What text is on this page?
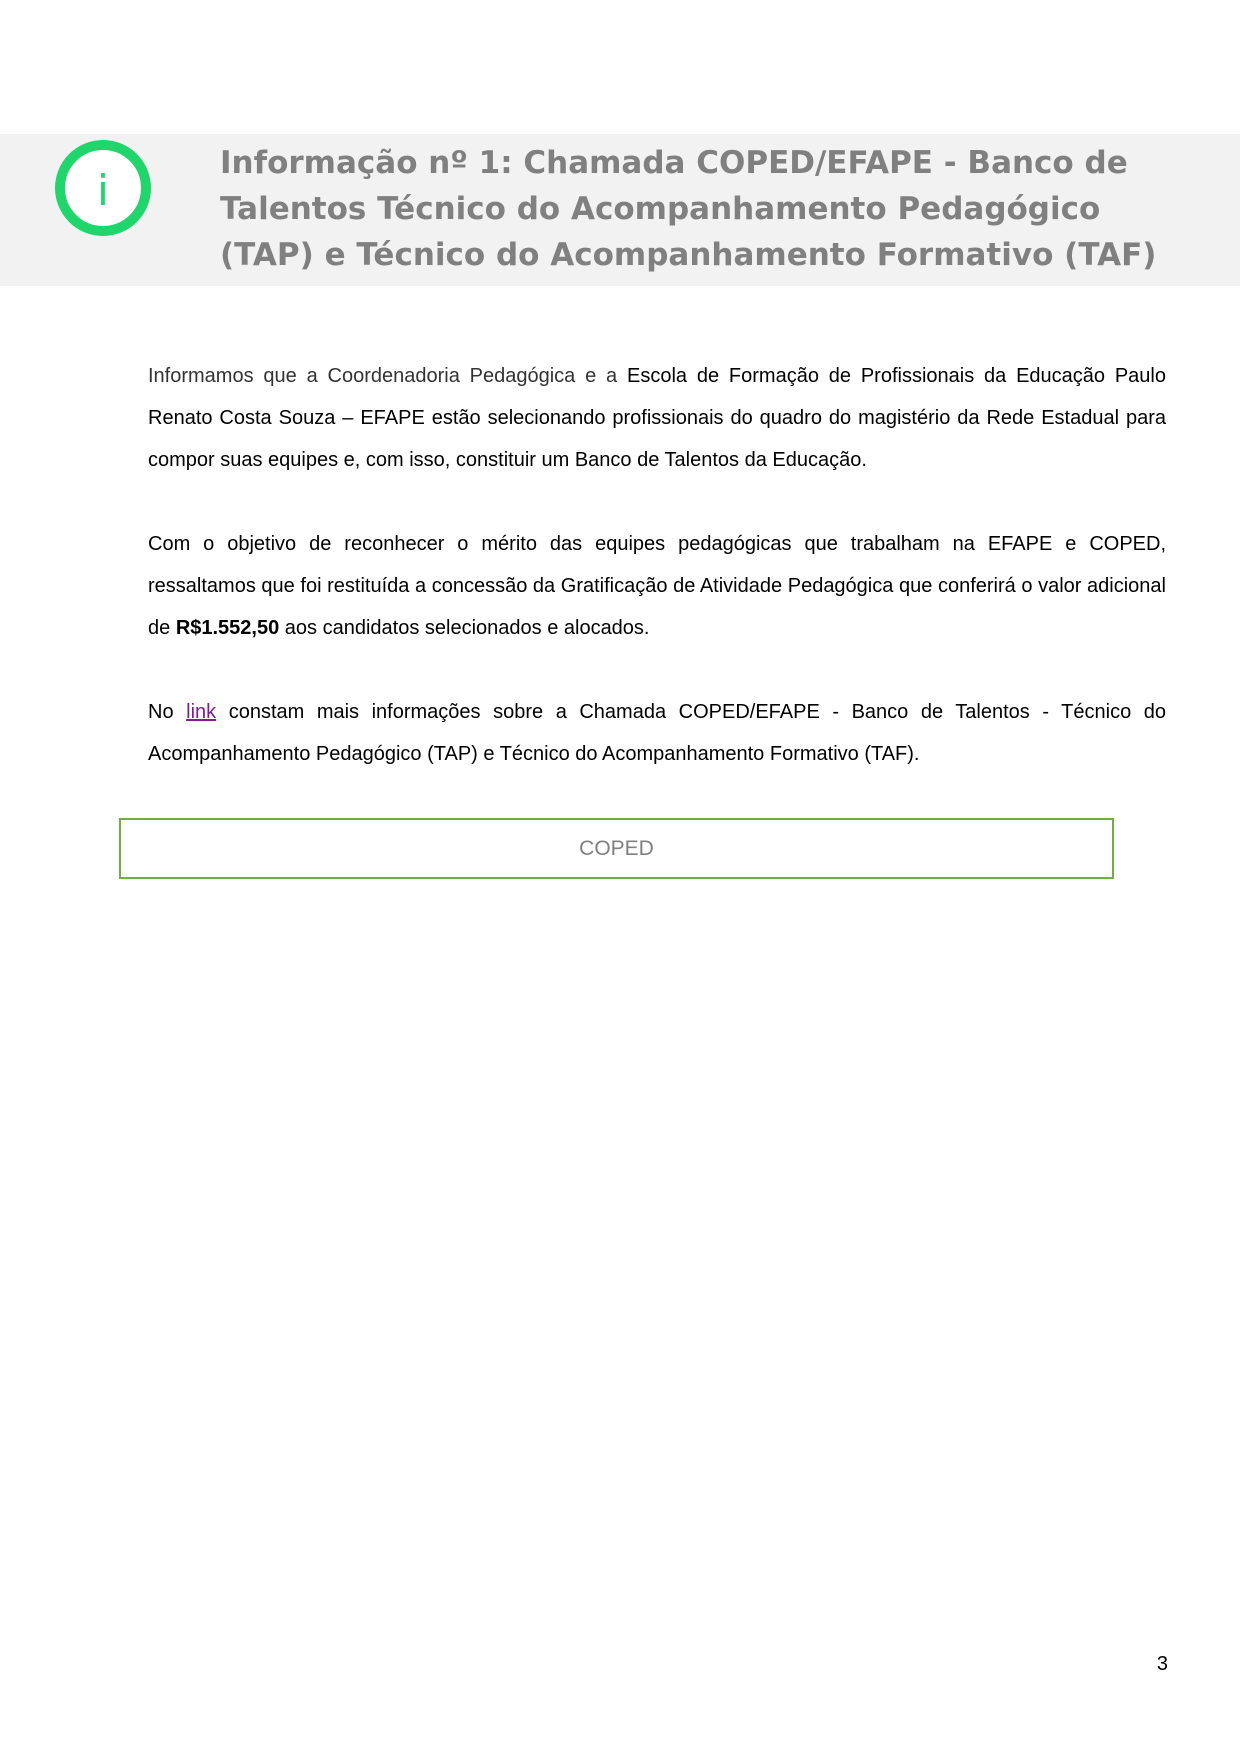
i
Informação nº 1: Chamada COPED/EFAPE - Banco de Talentos Técnico do Acompanhamento Pedagógico (TAP) e Técnico do Acompanhamento Formativo (TAF)

Informamos que a Coordenadoria Pedagógica e a Escola de Formação de Profissionais da Educação Paulo Renato Costa Souza – EFAPE estão selecionando profissionais do quadro do magistério da Rede Estadual para compor suas equipes e, com isso, constituir um Banco de Talentos da Educação.

Com o objetivo de reconhecer o mérito das equipes pedagógicas que trabalham na EFAPE e COPED, ressaltamos que foi restituída a concessão da Gratificação de Atividade Pedagógica que conferirá o valor adicional de R$1.552,50 aos candidatos selecionados e alocados.

No link constam mais informações sobre a Chamada COPED/EFAPE - Banco de Talentos - Técnico do Acompanhamento Pedagógico (TAP) e Técnico do Acompanhamento Formativo (TAF).

COPED
3
